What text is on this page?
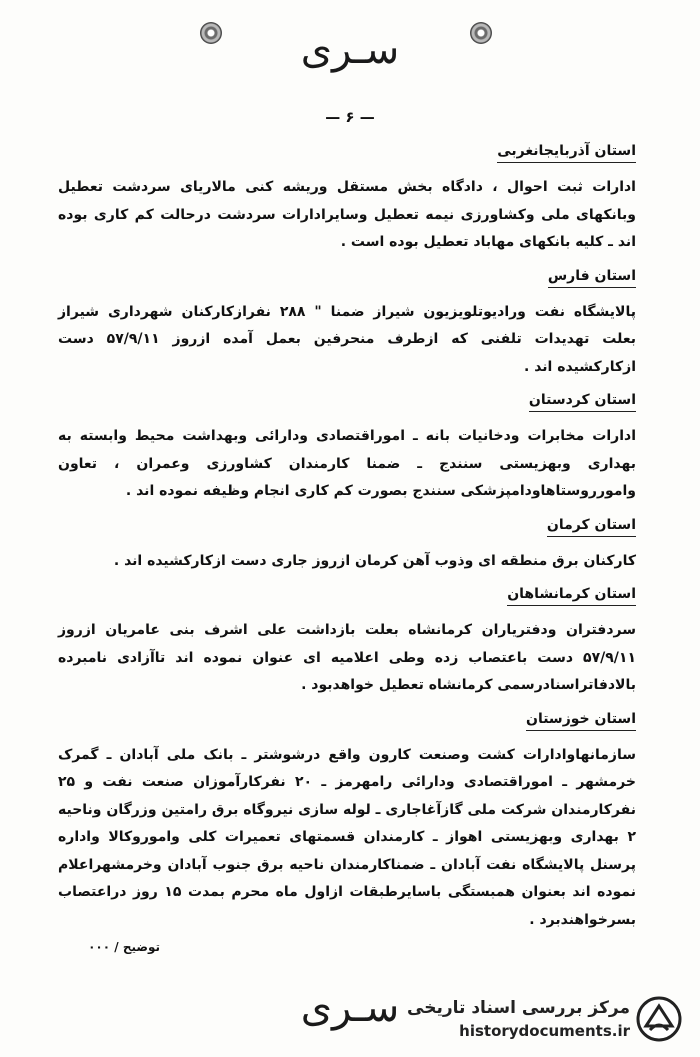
سـری
— ۶ —
استان آذربایجانغربی

ادارات ثبت احوال ، دادگاه بخش مستقل وریشه کنی مالاریای سردشت تعطیل وبانکهای ملی وکشاورزی نیمه تعطیل وسایرادارات سردشت درحالت کم کاری بوده اند ـ کلیه بانکهای مهاباد تعطیل بوده است .

استان فارس

پالایشگاه نفت ورادیوتلویزیون شیراز ضمنا " ۲۸۸ نفرازکارکنان شهرداری شیراز بعلت تهدیدات تلفنی که ازطرف منحرفین بعمل آمده ازروز ۵۷/۹/۱۱ دست ازکارکشیده اند .

استان کردستان

ادارات مخابرات ودخانیات بانه ـ اموراقتصادی ودارائی وبهداشت محیط وابسته به بهداری وبهزیستی سنندج ـ ضمنا کارمندان کشاورزی وعمران ، تعاون وامورروستاهاودامپزشکی سنندج بصورت کم کاری انجام وظیفه نموده اند .

استان کرمان

کارکنان برق منطقه ای وذوب آهن کرمان ازروز جاری دست ازکارکشیده اند .

استان کرمانشاهان

سردفتران ودفتریاران کرمانشاه بعلت بازداشت علی اشرف بنی عامریان ازروز ۵۷/۹/۱۱ دست باعتصاب زده وطی اعلامیه ای عنوان نموده اند تاآزادی نامبرده بالادفاتراسنادرسمی کرمانشاه تعطیل خواهدبود .

استان خوزستان

سازمانهاوادارات کشت وصنعت کارون واقع درشوشتر ـ بانک ملی آبادان ـ گمرک خرمشهر ـ اموراقتصادی ودارائی رامهرمز ـ ۲۰ نفرکارآموزان صنعت نفت و ۲۵ نفرکارمندان شرکت ملی گازآغاجاری ـ لوله سازی نیروگاه برق رامتین وزرگان وناحیه ۲ بهداری وبهزیستی اهواز ـ کارمندان قسمتهای تعمیرات کلی واموروکالا واداره پرسنل پالایشگاه نفت آبادان ـ ضمناکارمندان ناحیه برق جنوب آبادان وخرمشهراعلام نموده اند بعنوان همبستگی باسایرطبقات ازاول ماه محرم بمدت ۱۵ روز دراعتصاب بسرخواهندبرد .

توضیح / ۰۰۰
سـری مرکز بررسی اسناد تاریخی
historydocuments.ir
